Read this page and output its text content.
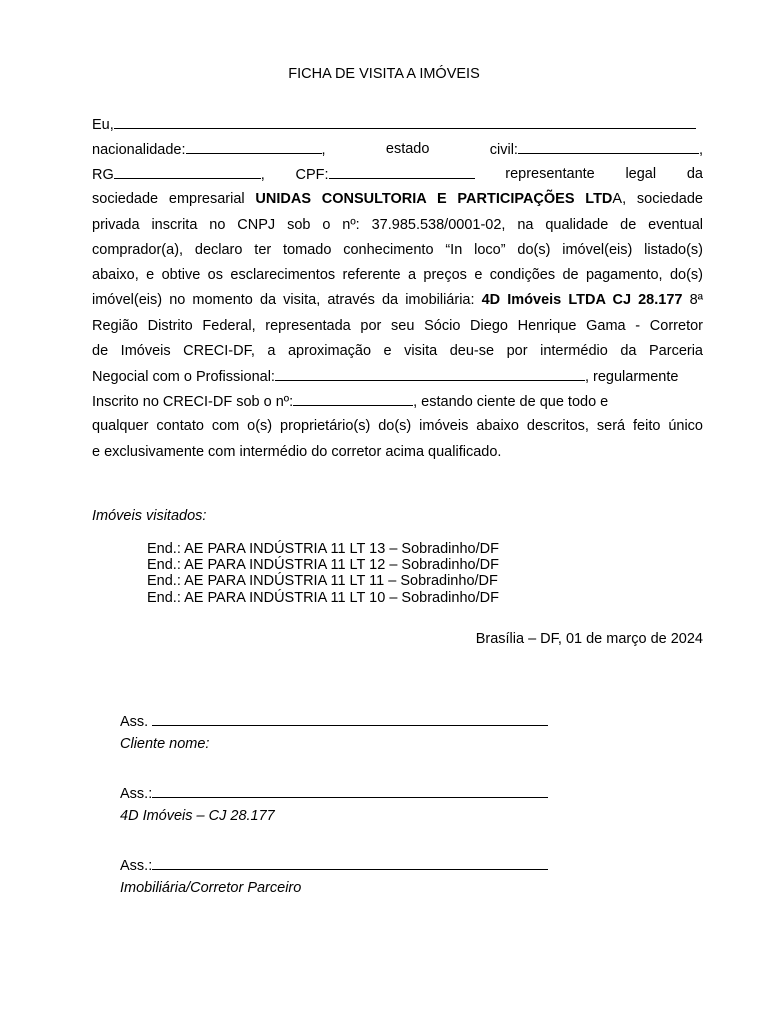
FICHA DE VISITA A IMÓVEIS
Eu,
nacionalidade:	,	estado	civil:	,
RG	, CPF:	representante legal da
sociedade empresarial UNIDAS CONSULTORIA E PARTICIPAÇÕES LTDA, sociedade
privada inscrita no CNPJ sob o nº: 37.985.538/0001-02, na qualidade de eventual
comprador(a), declaro ter tomado conhecimento “In loco” do(s) imóvel(eis) listado(s)
abaixo, e obtive os esclarecimentos referente a preços e condições de pagamento, do(s)
imóvel(eis) no momento da visita, através da imobiliária: 4D Imóveis LTDA CJ 28.177 8ª
Região Distrito Federal, representada por seu Sócio Diego Henrique Gama - Corretor
de Imóveis CRECI-DF, a aproximação e visita deu-se por intermédio da Parceria
Negocial com o Profissional:	, regularmente
Inscrito no CRECI-DF sob o nº:	, estando ciente de que todo e
qualquer contato com o(s) proprietário(s) do(s) imóveis abaixo descritos, será feito único
e exclusivamente com intermédio do corretor acima qualificado.
Imóveis visitados:
End.: AE PARA INDÚSTRIA 11 LT 13 – Sobradinho/DF
End.: AE PARA INDÚSTRIA 11 LT 12 – Sobradinho/DF
End.: AE PARA INDÚSTRIA 11 LT 11 – Sobradinho/DF
End.: AE PARA INDÚSTRIA 11 LT 10 – Sobradinho/DF
Brasília – DF, 01 de março de 2024
Ass.
Cliente nome:
Ass.:
4D Imóveis – CJ 28.177
Ass.:
Imobiliária/Corretor Parceiro
